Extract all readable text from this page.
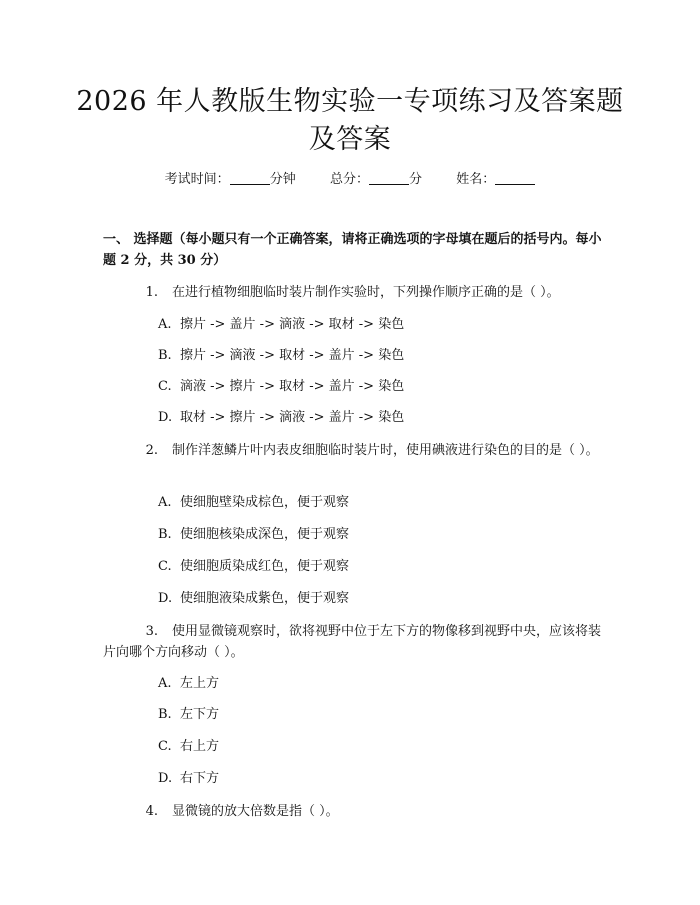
2026 年人教版生物实验一专项练习及答案题
及答案
考试时间：	分钟	总分：	分	姓名：
一、 选择题（每小题只有一个正确答案，请将正确选项的字母填在题后的括号内。每小题 2 分，共 30 分）
1. 在进行植物细胞临时装片制作实验时，下列操作顺序正确的是（ ）。
A. 擦片 -> 盖片 -> 滴液 -> 取材 -> 染色
B. 擦片 -> 滴液 -> 取材 -> 盖片 -> 染色
C. 滴液 -> 擦片 -> 取材 -> 盖片 -> 染色
D. 取材 -> 擦片 -> 滴液 -> 盖片 -> 染色
2. 制作洋葱鳞片叶内表皮细胞临时装片时，使用碘液进行染色的目的是（ ）。
A. 使细胞壁染成棕色，便于观察
B. 使细胞核染成深色，便于观察
C. 使细胞质染成红色，便于观察
D. 使细胞液染成紫色，便于观察
3. 使用显微镜观察时，欲将视野中位于左下方的物像移到视野中央，应该将装片向哪个方向移动（ ）。
A. 左上方
B. 左下方
C. 右上方
D. 右下方
4. 显微镜的放大倍数是指（ ）。
